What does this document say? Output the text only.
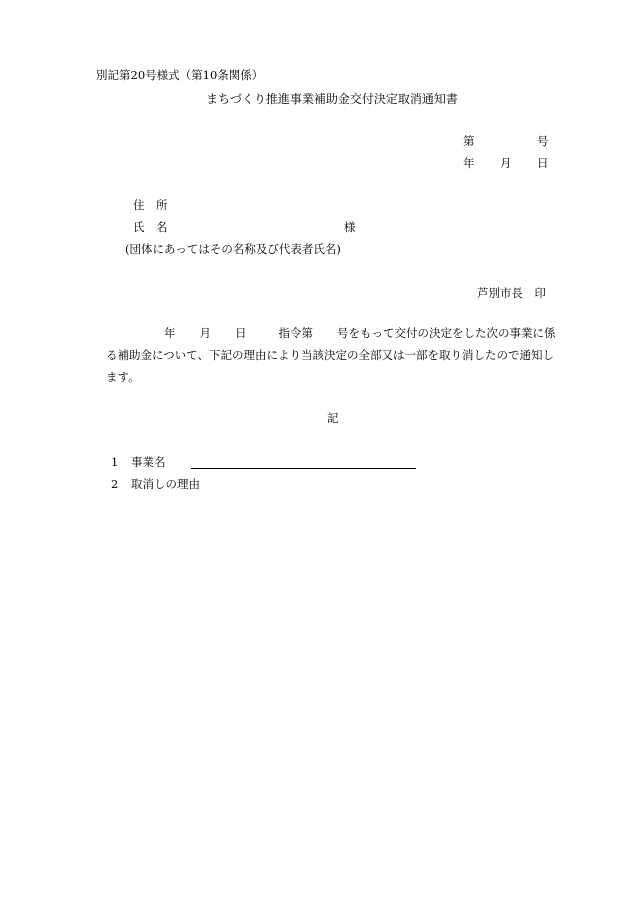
別記第20号様式（第10条関係）
まちづくり推進事業補助金交付決定取消通知書
第	号
年 月 日
住　所
氏　名	様
(団体にあってはその名称及び代表者氏名)
芦別市長　印
年 月 日	指令第 号をもって交付の決定をした次の事業に係
る補助金について、下記の理由により当該決定の全部又は一部を取り消したので通知し
ます。
記
1 事業名
2 取消しの理由
